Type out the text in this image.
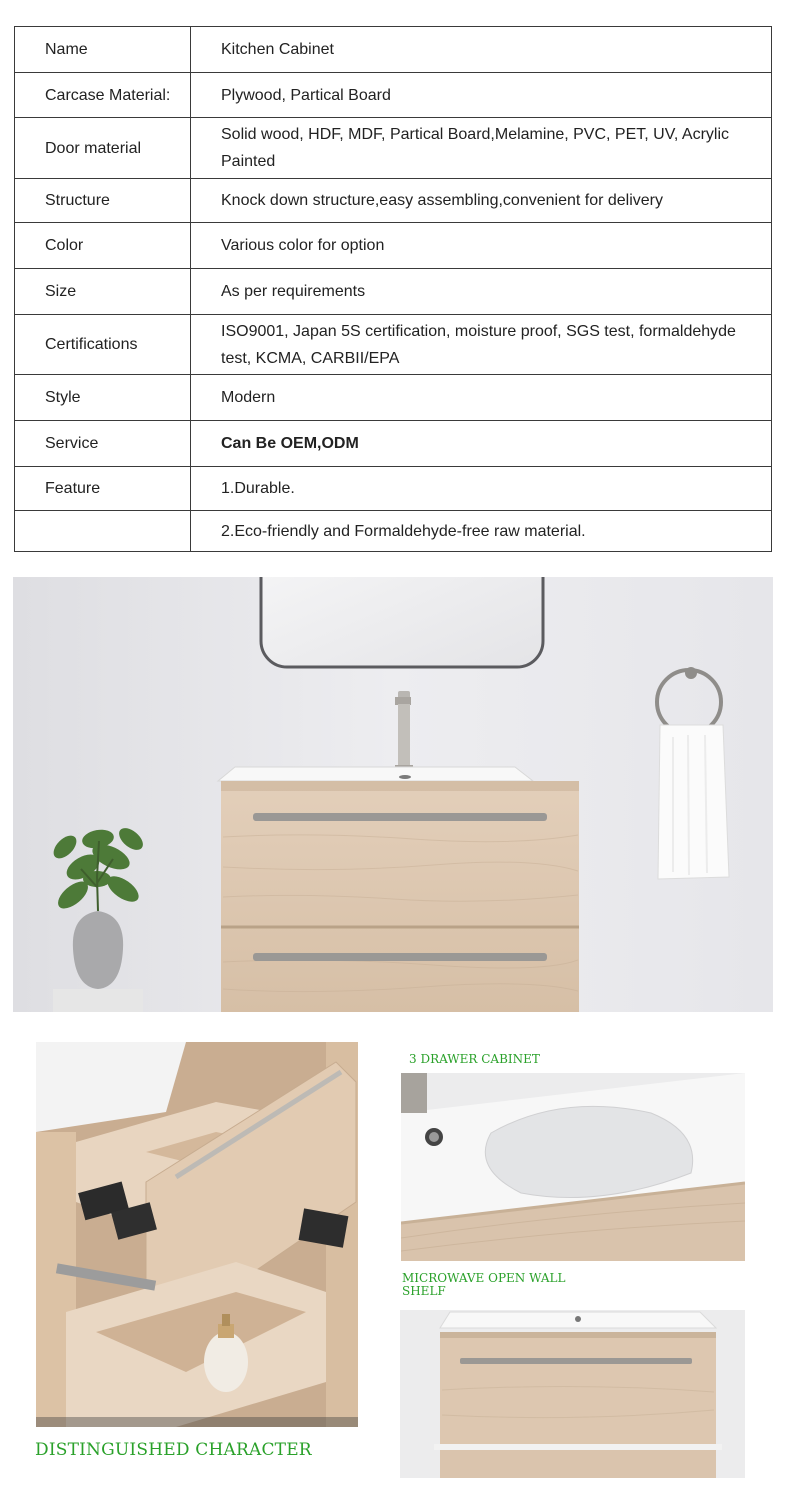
Name	Kitchen Cabinet
Carcase Material:	Plywood, Partical Board
Door material	Solid wood, HDF, MDF, Partical Board,Melamine, PVC, PET, UV, Acrylic
Painted

Structure	Knock down structure,easy assembling,convenient for delivery
Color	Various color for option
Size	As per requirements
Certifications	ISO9001, Japan 5S certification, moisture proof, SGS test, formaldehyde
test, KCMA, CARBII/EPA

Style	Modern
Service	Can Be OEM,ODM
Feature	1.Durable.
	2.Eco-friendly and Formaldehyde-free raw material.
DISTINGUISHED CHARACTER
3 DRAWER CABINET
MICROWAVE OPEN WALL
SHELF
